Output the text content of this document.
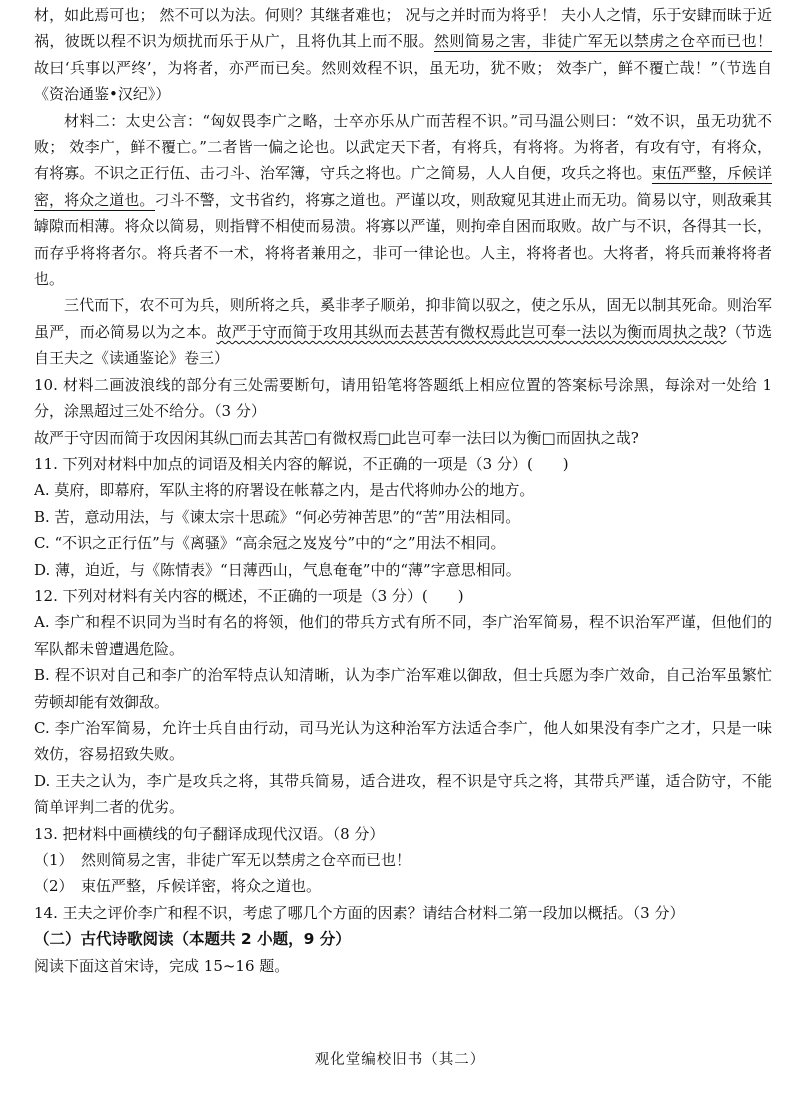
材，如此焉可也； 然不可以为法。何则？其继者难也； 况与之并时而为将乎！ 夫小人之情，乐于安肆而昧于近祸，彼既以程不识为烦扰而乐于从广，且将仇其上而不服。然则简易之害，非徒广军无以禁虏之仓卒而已也！ 故曰‘兵事以严终’，为将者，亦严而已矣。然则效程不识，虽无功，犹不败； 效李广，鲜不覆亡哉！”（节选自《资治通鉴•汉纪》）

材料二：太史公言：“匈奴畏李广之略，士卒亦乐从广而苦程不识。”司马温公则曰：“效不识，虽无功犹不败； 效李广，鲜不覆亡。”二者皆一偏之论也。以武定天下者，有将兵，有将将。为将者，有攻有守，有将众，有将寡。不识之正行伍、击刁斗、治军簿，守兵之将也。广之简易，人人自便，攻兵之将也。束伍严整，斥候详密，将众之道也。刁斗不警，文书省约，将寡之道也。严谨以攻，则敌窥见其进止而无功。简易以守，则敌乘其罅隙而相薄。将众以简易，则指臂不相使而易溃。将寡以严谨，则拘牵自困而取败。故广与不识，各得其一长，而存乎将将者尔。将兵者不一术，将将者兼用之，非可一律论也。人主，将将者也。大将者，将兵而兼将将者也。

三代而下，农不可为兵，则所将之兵，奚非孝子顺弟，抑非简以驭之，使之乐从，固无以制其死命。则治军虽严，而必简易以为之本。故严于守而简于攻用其纵而去甚苦有微权焉此岂可奉一法以为衡而周执之哉?（节选自王夫之《读通鉴论》卷三）

10. 材料二画波浪线的部分有三处需要断句，请用铅笔将答题纸上相应位置的答案标号涂黑，每涂对一处给 1 分，涂黑超过三处不给分。（3 分）

故严于守因而简于攻因闲其纵□而去其苦□有微权焉□此岂可奉一法曰以为衡□而固执之哉?

11. 下列对材料中加点的词语及相关内容的解说，不正确的一项是（3 分）(　　)

A. 莫府，即幕府，军队主将的府署设在帐幕之内，是古代将帅办公的地方。

B. 苦，意动用法，与《谏太宗十思疏》“何必劳神苦思”的“苦”用法相同。

C. “不识之正行伍”与《离骚》“高余冠之岌岌兮”中的“之”用法不相同。

D. 薄，迫近，与《陈情表》“日薄西山，气息奄奄”中的“薄”字意思相同。

12. 下列对材料有关内容的概述，不正确的一项是（3 分）(　　)

A. 李广和程不识同为当时有名的将领，他们的带兵方式有所不同，李广治军简易，程不识治军严谨，但他们的军队都未曾遭遇危险。

B. 程不识对自己和李广的治军特点认知清晰，认为李广治军难以御敌，但士兵愿为李广效命，自己治军虽繁忙劳顿却能有效御敌。

C. 李广治军简易，允许士兵自由行动，司马光认为这种治军方法适合李广，他人如果没有李广之才，只是一味效仿，容易招致失败。

D. 王夫之认为，李广是攻兵之将，其带兵简易，适合进攻，程不识是守兵之将，其带兵严谨，适合防守，不能简单评判二者的优劣。

13. 把材料中画横线的句子翻译成现代汉语。（8 分）

（1）　然则简易之害，非徒广军无以禁虏之仓卒而已也！

（2）　束伍严整，斥候详密，将众之道也。

14. 王夫之评价李广和程不识，考虑了哪几个方面的因素？请结合材料二第一段加以概括。（3 分）

（二）古代诗歌阅读（本题共 2 小题，9 分）

阅读下面这首宋诗，完成 15~16 题。

观化堂编校旧书（其二）
